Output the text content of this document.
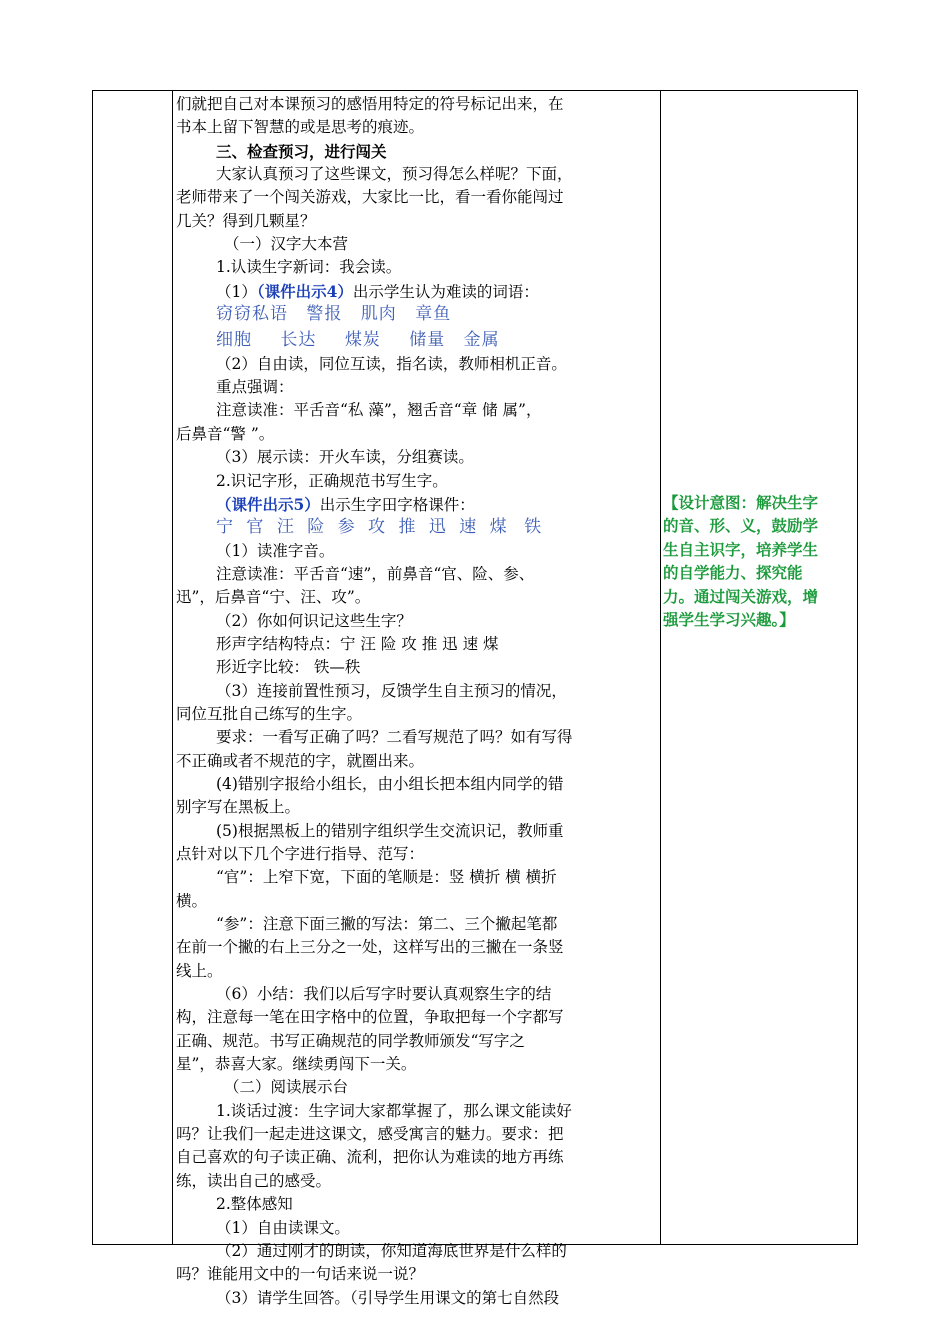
们就把自己对本课预习的感悟用特定的符号标记出来，在
书本上留下智慧的或是思考的痕迹。
三、检查预习，进行闯关
大家认真预习了这些课文，预习得怎么样呢？下面，
老师带来了一个闯关游戏，大家比一比，看一看你能闯过
几关？得到几颗星？
（一）汉字大本营
1.认读生字新词：我会读。
（1）（课件出示4）出示学生认为难读的词语：
窃窃私语 警报 肌肉 章鱼
细胞 长达 煤炭 储量 金属
（2）自由读，同位互读，指名读，教师相机正音。
重点强调：
注意读准：平舌音“私 藻”，翘舌音“章 储 属”，
后鼻音“警 ”。
（3）展示读：开火车读，分组赛读。
2.识记字形，正确规范书写生字。
（课件出示5）出示生字田字格课件：
宁 官 汪 险 参 攻 推 迅 速 煤 铁
（1）读准字音。
注意读准：平舌音“速”，前鼻音“官、险、参、
迅”，后鼻音“宁、汪、攻”。
（2）你如何识记这些生字？
形声字结构特点：宁 汪 险 攻 推 迅 速 煤
形近字比较： 铁—秩
（3）连接前置性预习，反馈学生自主预习的情况，
同位互批自己练写的生字。
要求：一看写正确了吗？二看写规范了吗？如有写得
不正确或者不规范的字，就圈出来。
(4)错别字报给小组长，由小组长把本组内同学的错
别字写在黑板上。
(5)根据黑板上的错别字组织学生交流识记，教师重
点针对以下几个字进行指导、范写：
“官”：上窄下宽，下面的笔顺是：竖 横折 横 横折
横。
“参”：注意下面三撇的写法：第二、三个撇起笔都
在前一个撇的右上三分之一处，这样写出的三撇在一条竖
线上。
（6）小结：我们以后写字时要认真观察生字的结
构，注意每一笔在田字格中的位置，争取把每一个字都写
正确、规范。书写正确规范的同学教师颁发“写字之
星”，恭喜大家。继续勇闯下一关。
（二）阅读展示台
1.谈话过渡：生字词大家都掌握了，那么课文能读好
吗？让我们一起走进这课文，感受寓言的魅力。要求：把
自己喜欢的句子读正确、流利，把你认为难读的地方再练
练，读出自己的感受。
2.整体感知
（1）自由读课文。
（2）通过刚才的朗读，你知道海底世界是什么样的
吗？谁能用文中的一句话来说一说？
（3）请学生回答。（引导学生用课文的第七自然段
【设计意图：解决生字
的音、形、义，鼓励学
生自主识字，培养学生
的自学能力、探究能
力。通过闯关游戏，增
强学生学习兴趣。】
